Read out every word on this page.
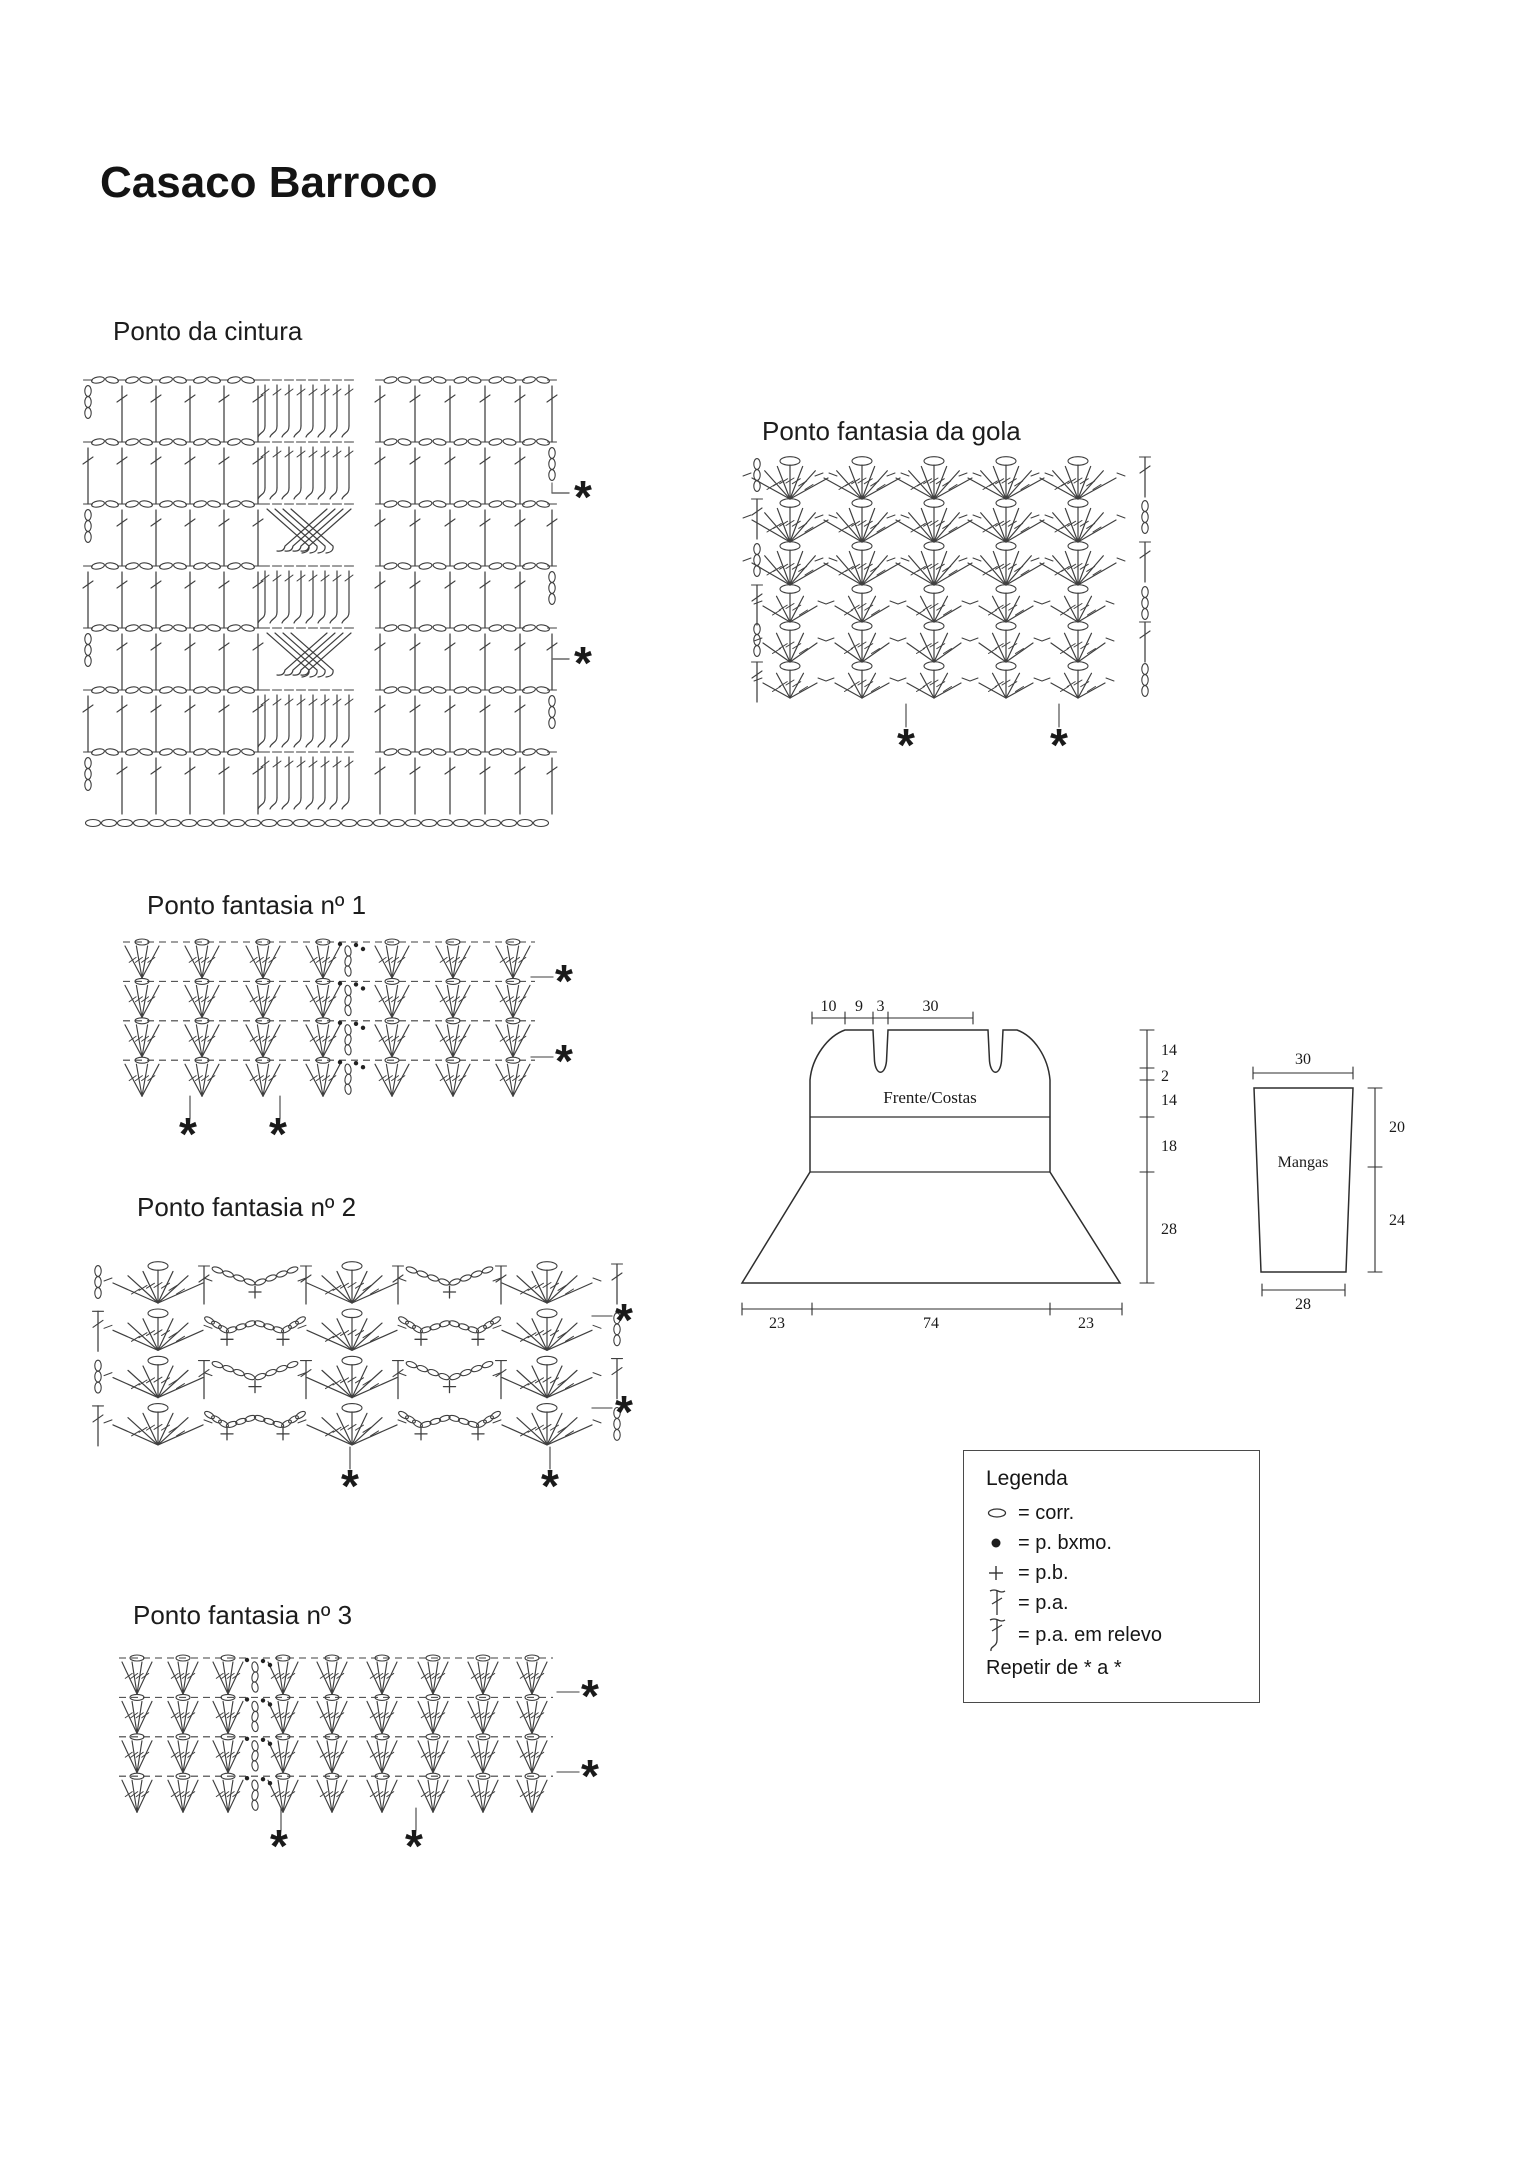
Casaco Barroco
Ponto da cintura
*
*
Ponto fantasia da gola
*	*
Ponto fantasia nº 1
*
*
* *
Ponto fantasia nº 2
*
*
*	*
Ponto fantasia nº 3
*
*
*	*
Frente/Costas
10 9 3 30
14
2
14
18
28
23	74	23
Mangas
30
20
24
28
Legenda
= corr.
= p. bxmo.
= p.b.
= p.a.
= p.a. em relevo
Repetir de * a *
